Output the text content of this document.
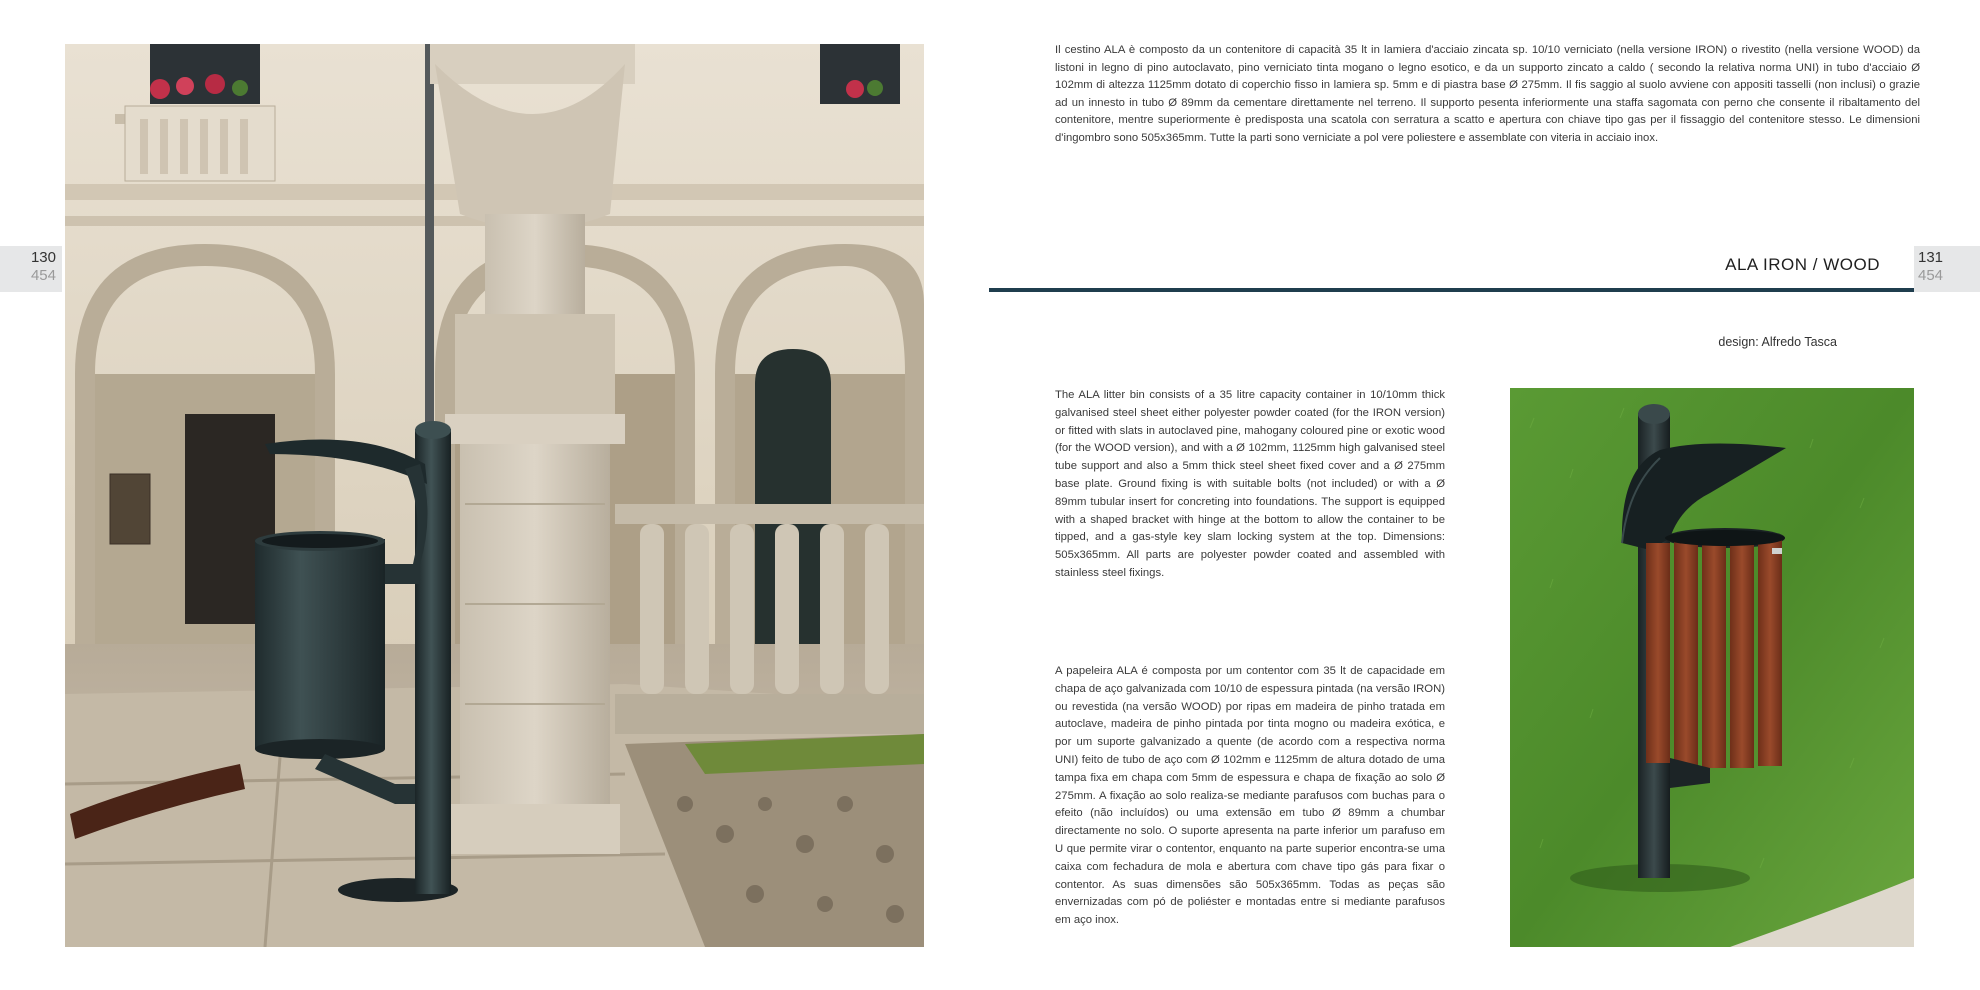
130
454
Il cestino ALA è composto da un contenitore di capacità 35 lt in lamiera d'acciaio zincata sp. 10/10 verniciato (nella versione IRON) o rivestito (nella versione WOOD) da listoni in legno di pino autoclavato, pino verniciato tinta mogano o legno esotico, e da un supporto zincato a caldo ( secondo la relativa norma UNI) in tubo d'acciaio Ø 102mm di altezza 1125mm dotato di coperchio fisso in lamiera sp. 5mm e di piastra base Ø 275mm. Il fis saggio al suolo avviene con appositi tasselli (non inclusi) o grazie ad un innesto in tubo Ø 89mm da cementare direttamente nel terreno. Il supporto pesenta inferiormente una staffa sagomata con perno che consente il ribaltamento del contenitore, mentre superiormente è predisposta una scatola con serratura a scatto e apertura con chiave tipo gas per il fissaggio del contenitore stesso. Le dimensioni d'ingombro sono 505x365mm. Tutte la parti sono verniciate a pol vere poliestere e assemblate con viteria in acciaio inox.
ALA IRON / WOOD	131
454
design: Alfredo Tasca
The ALA litter bin consists of a 35 litre capacity container in 10/10mm thick galvanised steel sheet either polyester powder coated (for the IRON version) or fitted with slats in autoclaved pine, mahogany coloured pine or exotic wood (for the WOOD version), and with a Ø 102mm, 1125mm high galvanised steel tube support and also a 5mm thick steel sheet fixed cover and a Ø 275mm base plate. Ground fixing is with suitable bolts (not included) or with a Ø 89mm tubular insert for concreting into foundations. The support is equipped with a shaped bracket with hinge at the bottom to allow the container to be tipped, and a gas-style key slam locking system at the top. Dimensions: 505x365mm. All parts are polyester powder coated and assembled with stainless steel fixings.
A papeleira ALA é composta por um contentor com 35 lt de capacidade em chapa de aço galvanizada com 10/10 de espessura pintada (na versão IRON) ou revestida (na versão WOOD) por ripas em madeira de pinho tratada em autoclave, madeira de pinho pintada por tinta mogno ou madeira exótica, e por um suporte galvanizado a quente (de acordo com a respectiva norma UNI) feito de tubo de aço com Ø 102mm e 1125mm de altura dotado de uma tampa fixa em chapa com 5mm de espessura e chapa de fixação ao solo Ø 275mm. A fixação ao solo realiza-se mediante parafusos com buchas para o efeito (não incluídos) ou uma extensão em tubo Ø 89mm a chumbar directamente no solo. O suporte apresenta na parte inferior um parafuso em U que permite virar o contentor, enquanto na parte superior encontra-se uma caixa com fechadura de mola e abertura com chave tipo gás para fixar o contentor. As suas dimensões são 505x365mm. Todas as peças são envernizadas com pó de poliéster e montadas entre si mediante parafusos em aço inox.
